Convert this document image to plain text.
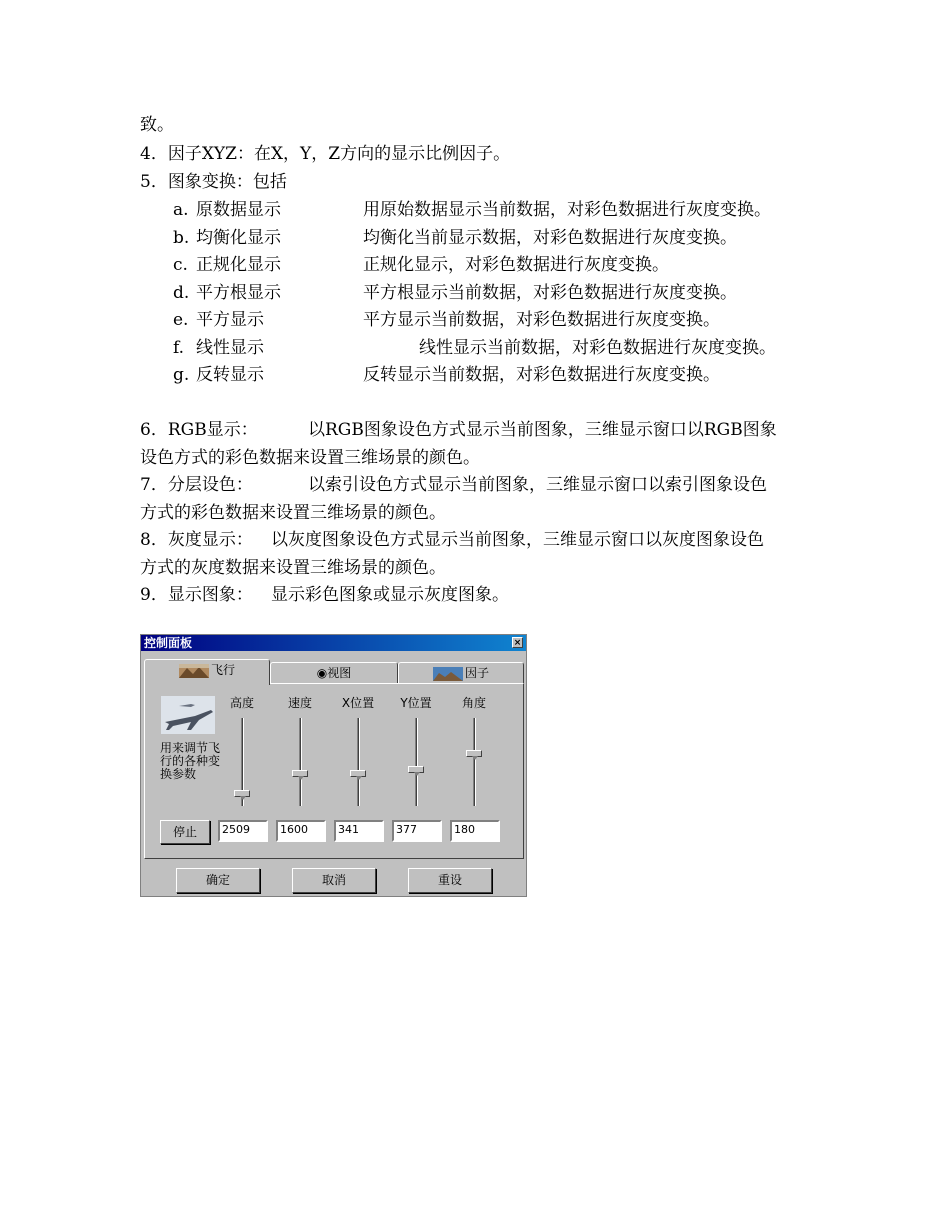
致。
4．因子XYZ：在X，Y，Z方向的显示比例因子。
5．图象变换：包括
a. 原数据显示	用原始数据显示当前数据，对彩色数据进行灰度变换。
b. 均衡化显示	均衡化当前显示数据，对彩色数据进行灰度变换。
c. 正规化显示	正规化显示，对彩色数据进行灰度变换。
d. 平方根显示	平方根显示当前数据，对彩色数据进行灰度变换。
e. 平方显示	平方显示当前数据，对彩色数据进行灰度变换。
f. 线性显示	线性显示当前数据，对彩色数据进行灰度变换。
g. 反转显示	反转显示当前数据，对彩色数据进行灰度变换。
6．RGB显示：	以RGB图象设色方式显示当前图象，三维显示窗口以RGB图象
设色方式的彩色数据来设置三维场景的颜色。
7．分层设色：	以索引设色方式显示当前图象，三维显示窗口以索引图象设色
方式的彩色数据来设置三维场景的颜色。
8．灰度显示： 以灰度图象设色方式显示当前图象，三维显示窗口以灰度图象设色
方式的灰度数据来设置三维场景的颜色。
9．显示图象： 显示彩色图象或显示灰度图象。
控制面板	×
飞行	◉视图	因子
用来调节飞行的各种变换参数
高度	速度	X位置	Y位置	角度
停止	2509	1600	341	377	180
确定	取消	重设
